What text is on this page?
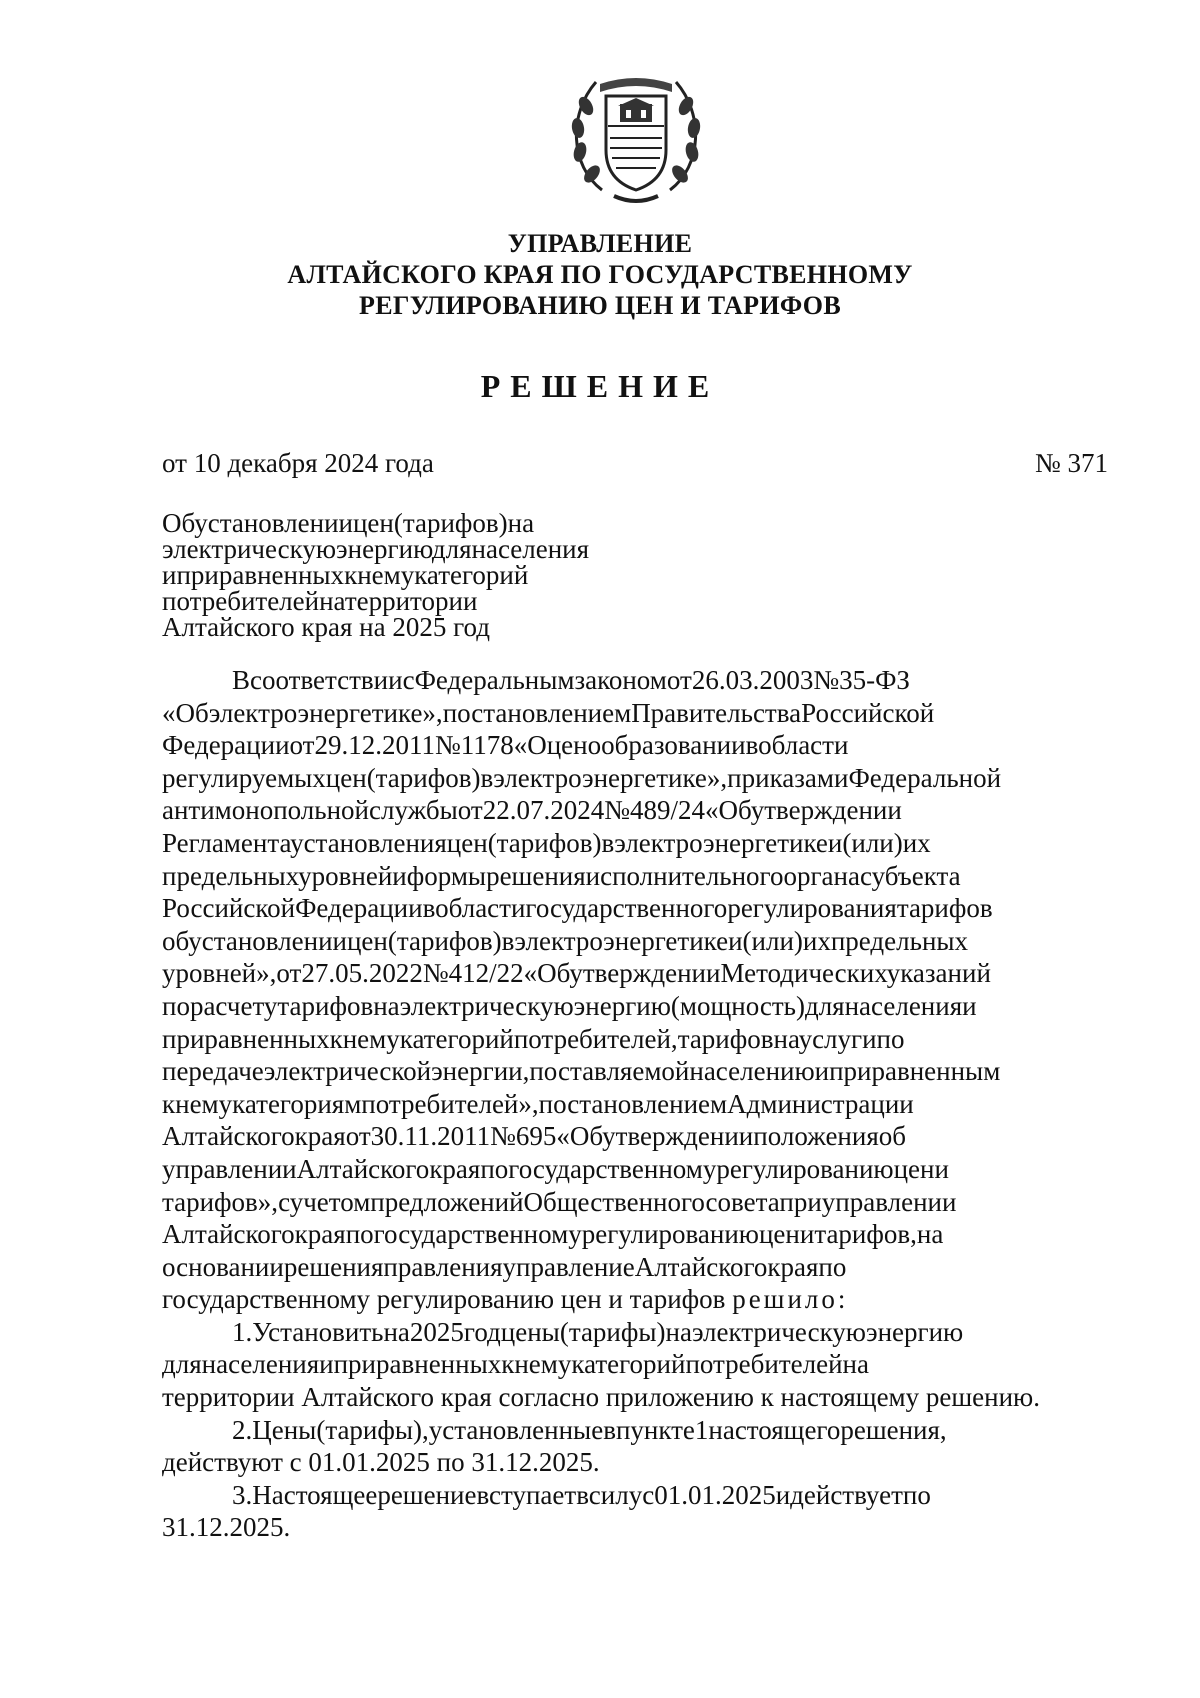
УПРАВЛЕНИЕ
АЛТАЙСКОГО КРАЯ ПО ГОСУДАРСТВЕННОМУ
РЕГУЛИРОВАНИЮ ЦЕН И ТАРИФОВ
РЕШЕНИЕ
от 10 декабря 2024 года	№ 371
Обустановлениицен(тарифов)на
электрическуюэнергиюдлянаселения
иприравненныхкнемукатегорий
потребителейнатерритории
Алтайского края на 2025 год
ВсоответствиисФедеральнымзакономот26.03.2003№35-ФЗ
«Обэлектроэнергетике»,постановлениемПравительстваРоссийской
Федерацииот29.12.2011№1178«Оценообразованиивобласти
регулируемыхцен(тарифов)вэлектроэнергетике»,приказамиФедеральной
антимонопольнойслужбыот22.07.2024№489/24«Обутверждении
Регламентаустановленияцен(тарифов)вэлектроэнергетикеи(или)их
предельныхуровнейиформырешенияисполнительногоорганасубъекта
РоссийскойФедерациивобластигосударственногорегулированиятарифов
обустановлениицен(тарифов)вэлектроэнергетикеи(или)ихпредельных
уровней»,от27.05.2022№412/22«ОбутвержденииМетодическихуказаний
порасчетутарифовнаэлектрическуюэнергию(мощность)длянаселенияи
приравненныхкнемукатегорийпотребителей,тарифовнауслугипо
передачеэлектрическойэнергии,поставляемойнаселениюиприравненным
кнемукатегориямпотребителей»,постановлениемАдминистрации
Алтайскогокраяот30.11.2011№695«Обутвержденииположенияоб
управленииАлтайскогокраяпогосударственномурегулированиюцени
тарифов»,сучетомпредложенийОбщественногосоветаприуправлении
Алтайскогокраяпогосударственномурегулированиюценитарифов,на
основаниирешенияправленияуправлениеАлтайскогокраяпо
государственному регулированию цен и тарифов решило:
1.Установитьна2025годцены(тарифы)наэлектрическуюэнергию
длянаселенияиприравненныхкнемукатегорийпотребителейна
территории Алтайского края согласно приложению к настоящему решению.
2.Цены(тарифы),установленныевпункте1настоящегорешения,
действуют с 01.01.2025 по 31.12.2025.
3.Настоящеерешениевступаетвсилус01.01.2025идействуетпо
31.12.2025.
